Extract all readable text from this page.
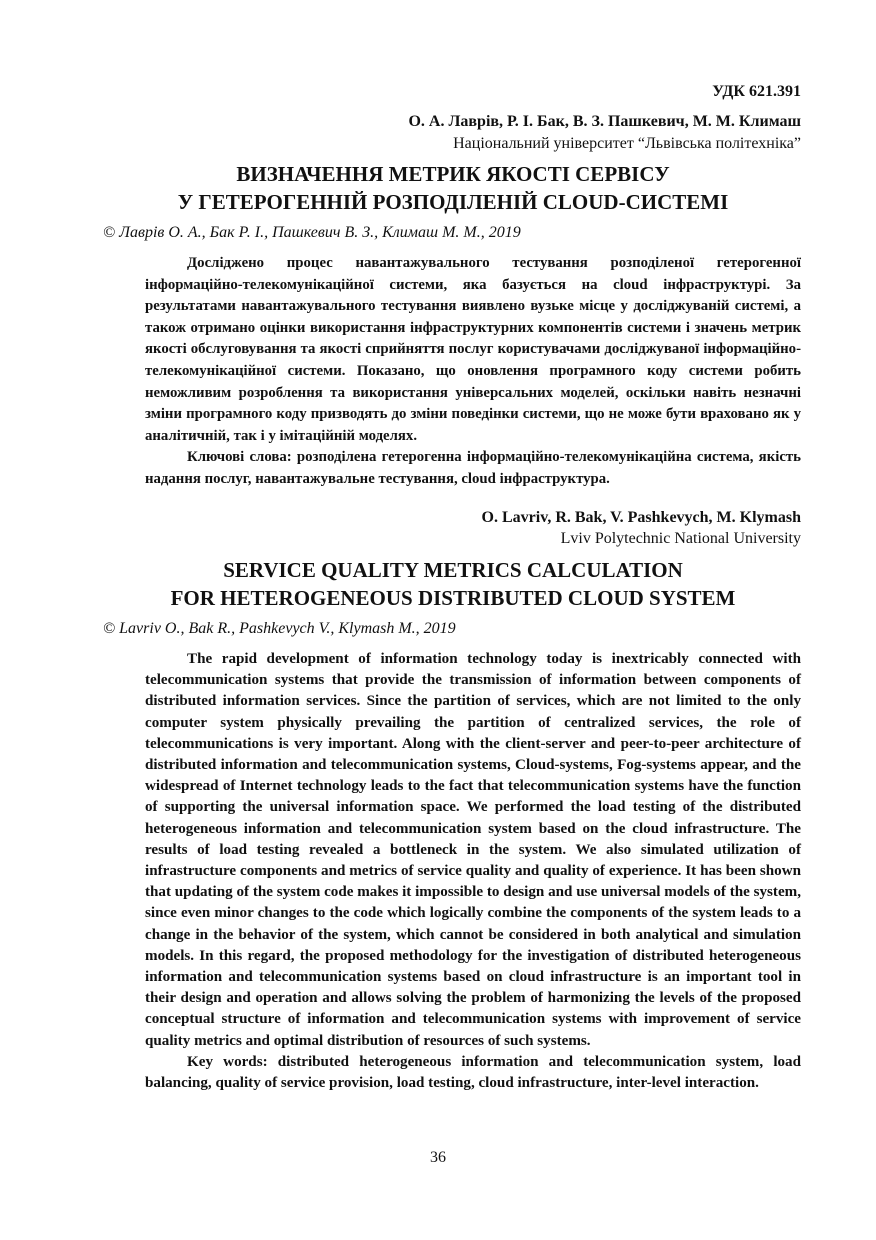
УДК 621.391
О. А. Лаврів, Р. І. Бак, В. З. Пашкевич, М. М. Климаш
Національний університет “Львівська політехніка”
ВИЗНАЧЕННЯ МЕТРИК ЯКОСТІ СЕРВІСУ
У ГЕТЕРОГЕННІЙ РОЗПОДІЛЕНІЙ CLOUD-СИСТЕМІ
© Лаврів О. А., Бак Р. І., Пашкевич В. З., Климаш М. М., 2019

Досліджено процес навантажувального тестування розподіленої гетерогенної інформаційно-телекомунікаційної системи, яка базується на cloud інфраструктурі. За результатами навантажувального тестування виявлено вузьке місце у досліджуваній системі, а також отримано оцінки використання інфраструктурних компонентів системи і значень метрик якості обслуговування та якості сприйняття послуг користувачами досліджуваної інформаційно-телекомунікаційної системи. Показано, що оновлення програмного коду системи робить неможливим розроблення та використання універсальних моделей, оскільки навіть незначні зміни програмного коду призводять до зміни поведінки системи, що не може бути враховано як у аналітичній, так і у імітаційній моделях.

Ключові слова: розподілена гетерогенна інформаційно-телекомунікаційна система, якість надання послуг, навантажувальне тестування, cloud інфраструктура.

O. Lavriv, R. Bak, V. Pashkevych, M. Klymash
Lviv Polytechnic National University
SERVICE QUALITY METRICS CALCULATION
FOR HETEROGENEOUS DISTRIBUTED CLOUD SYSTEM
© Lavriv O., Bak R., Pashkevych V., Klymash M., 2019

The rapid development of information technology today is inextricably connected with telecommunication systems that provide the transmission of information between components of distributed information services. Since the partition of services, which are not limited to the only computer system physically prevailing the partition of centralized services, the role of telecommunications is very important. Along with the client-server and peer-to-peer architecture of distributed information and telecommunication systems, Cloud-systems, Fog-systems appear, and the widespread of Internet technology leads to the fact that telecommunication systems have the function of supporting the universal information space. We performed the load testing of the distributed heterogeneous information and telecommunication system based on the cloud infrastructure. The results of load testing revealed a bottleneck in the system. We also simulated utilization of infrastructure components and metrics of service quality and quality of experience. It has been shown that updating of the system code makes it impossible to design and use universal models of the system, since even minor changes to the code which logically combine the components of the system leads to a change in the behavior of the system, which cannot be considered in both analytical and simulation models. In this regard, the proposed methodology for the investigation of distributed heterogeneous information and telecommunication systems based on cloud infrastructure is an important tool in their design and operation and allows solving the problem of harmonizing the levels of the proposed conceptual structure of information and telecommunication systems with improvement of service quality metrics and optimal distribution of resources of such systems.

Key words: distributed heterogeneous information and telecommunication system, load balancing, quality of service provision, load testing, cloud infrastructure, inter-level interaction.

36
